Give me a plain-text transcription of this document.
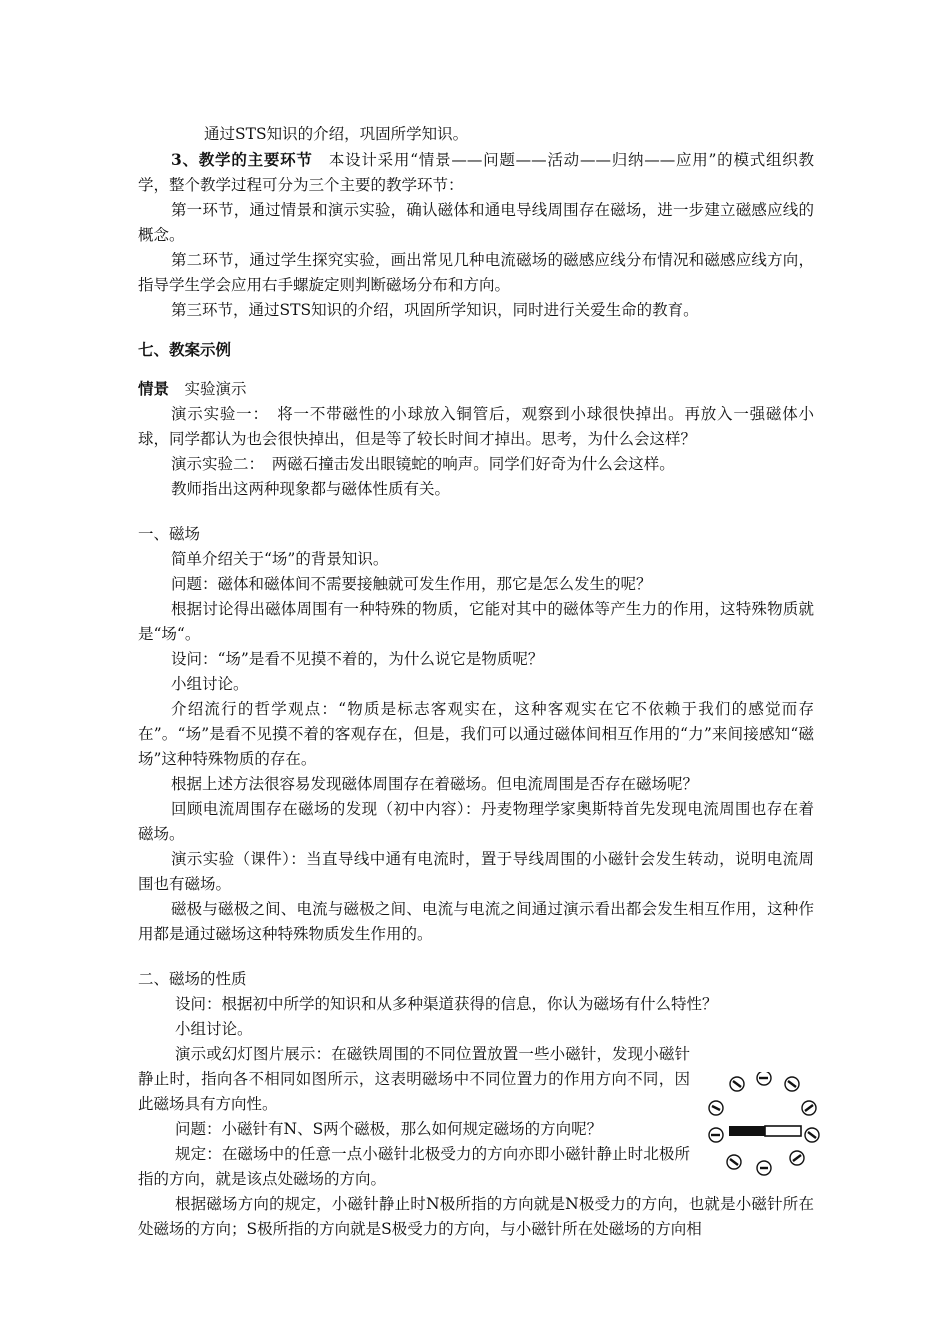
通过STS知识的介绍，巩固所学知识。

3、教学的主要环节　 本设计采用“情景——问题——活动——归纳——应用”的模式组织教学，整个教学过程可分为三个主要的教学环节：

第一环节，通过情景和演示实验，确认磁体和通电导线周围存在磁场，进一步建立磁感应线的概念。

第二环节，通过学生探究实验，画出常见几种电流磁场的磁感应线分布情况和磁感应线方向，指导学生学会应用右手螺旋定则判断磁场分布和方向。

第三环节，通过STS知识的介绍，巩固所学知识，同时进行关爱生命的教育。

七、教案示例

情景　 实验演示

演示实验一：　将一不带磁性的小球放入铜管后，观察到小球很快掉出。再放入一强磁体小球，同学都认为也会很快掉出，但是等了较长时间才掉出。思考，为什么会这样？

演示实验二：　两磁石撞击发出眼镜蛇的响声。同学们好奇为什么会这样。

教师指出这两种现象都与磁体性质有关。

一、磁场

简单介绍关于“场”的背景知识。

问题：磁体和磁体间不需要接触就可发生作用，那它是怎么发生的呢？

根据讨论得出磁体周围有一种特殊的物质，它能对其中的磁体等产生力的作用，这特殊物质就是“场“。

设问：“场”是看不见摸不着的，为什么说它是物质呢？

小组讨论。

介绍流行的哲学观点：“物质是标志客观实在，这种客观实在它不依赖于我们的感觉而存在”。“场”是看不见摸不着的客观存在，但是，我们可以通过磁体间相互作用的“力”来间接感知“磁场”这种特殊物质的存在。

根据上述方法很容易发现磁体周围存在着磁场。但电流周围是否存在磁场呢？

回顾电流周围存在磁场的发现（初中内容）：丹麦物理学家奥斯特首先发现电流周围也存在着磁场。

演示实验（课件）：当直导线中通有电流时，置于导线周围的小磁针会发生转动，说明电流周围也有磁场。

磁极与磁极之间、电流与磁极之间、电流与电流之间通过演示看出都会发生相互作用，这种作用都是通过磁场这种特殊物质发生作用的。

二、磁场的性质

设问：根据初中所学的知识和从多种渠道获得的信息，你认为磁场有什么特性？

小组讨论。

演示或幻灯图片展示：在磁铁周围的不同位置放置一些小磁针，发现小磁针静止时，指向各不相同如图所示，这表明磁场中不同位置力的作用方向不同，因此磁场具有方向性。

问题：小磁针有N、S两个磁极，那么如何规定磁场的方向呢？

规定：在磁场中的任意一点小磁针北极受力的方向亦即小磁针静止时北极所指的方向，就是该点处磁场的方向。

根据磁场方向的规定，小磁针静止时N极所指的方向就是N极受力的方向，也就是小磁针所在处磁场的方向；S极所指的方向就是S极受力的方向，与小磁针所在处磁场的方向相
